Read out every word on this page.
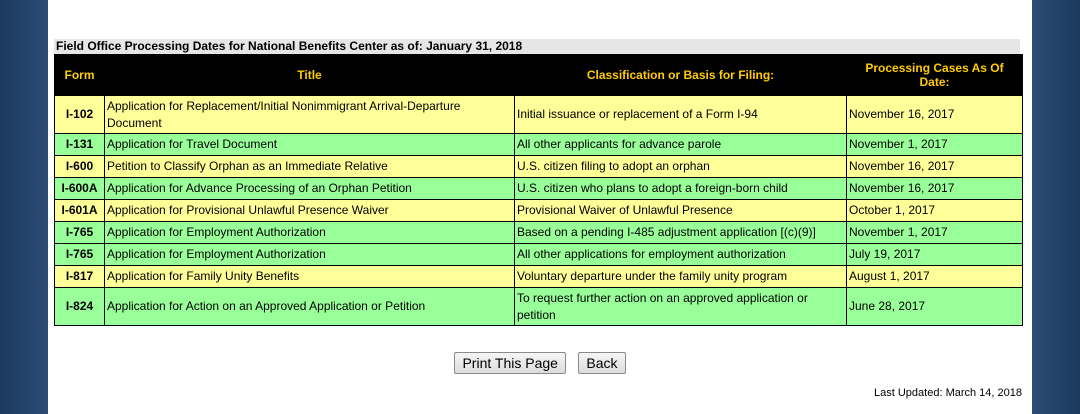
Field Office Processing Dates for National Benefits Center as of: January 31, 2018
Form	Title	Classification or Basis for Filing:	Processing Cases As Of Date:
I-102	Application for Replacement/Initial Nonimmigrant Arrival-Departure Document	Initial issuance or replacement of a Form I-94	November 16, 2017
I-131	Application for Travel Document	All other applicants for advance parole	November 1, 2017
I-600	Petition to Classify Orphan as an Immediate Relative	U.S. citizen filing to adopt an orphan	November 16, 2017
I-600A	Application for Advance Processing of an Orphan Petition	U.S. citizen who plans to adopt a foreign-born child	November 16, 2017
I-601A	Application for Provisional Unlawful Presence Waiver	Provisional Waiver of Unlawful Presence	October 1, 2017
I-765	Application for Employment Authorization	Based on a pending I-485 adjustment application [(c)(9)]	November 1, 2017
I-765	Application for Employment Authorization	All other applications for employment authorization	July 19, 2017
I-817	Application for Family Unity Benefits	Voluntary departure under the family unity program	August 1, 2017
I-824	Application for Action on an Approved Application or Petition	To request further action on an approved application or petition	June 28, 2017
Print This Page Back
Last Updated: March 14, 2018
